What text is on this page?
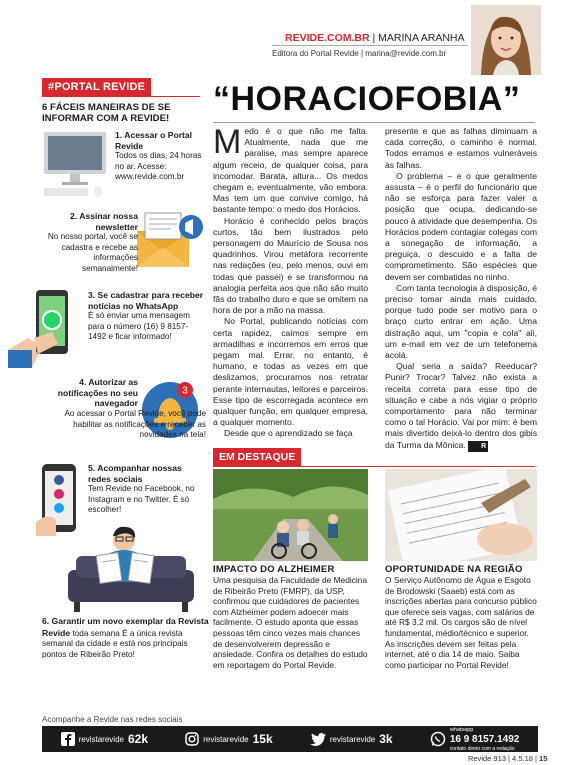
REVIDE.COM.BR | MARINA ARANHA
Editora do Portal Revide | marina@revide.com.br
#PORTAL REVIDE
6 FÁCEIS MANEIRAS DE SE INFORMAR COM A REVIDE!
1. Acessar o Portal Revide
Todos os dias, 24 horas no ar. Acesse: www.revide.com.br
2. Assinar nossa newsletter
No nosso portal, você se cadastra e recebe as informações semanalmente!
3. Se cadastrar para receber notícias no WhatsApp
É só enviar uma mensagem para o número (16) 9 8157-1492 e ficar informado!
3
4. Autorizar as notificações no seu navegador
Ao acessar o Portal Revide, você pode habilitar as notificações e receber as novidades na tela!
5. Acompanhar nossas redes sociais
Tem Revide no Facebook, no Instagram e no Twitter. É só escolher!
6. Garantir um novo exemplar da Revista Revide toda semana É a única revista semanal da cidade e está nos principais pontos de Ribeirão Preto!
“HORACIOFOBIA”

Medo é o que não me falta. Atualmente, nada que me paralise, mas sempre aparece algum receio, de qualquer coisa, para incomodar. Barata, altura... Os medos chegam e, eventualmente, vão embora. Mas tem um que convive comigo, há bastante tempo: o medo dos Horácios.

Horácio é conhecido pelos braços curtos, tão bem ilustrados pelo personagem do Maurício de Sousa nos quadrinhos. Virou metáfora recorrente nas redações (eu, pelo menos, ouvi em todas que passei) e se transformou na analogia perfeita aos que não são muito fãs do trabalho duro e que se omitem na hora de por a mão na massa.

No Portal, publicando notícias com certa rapidez, caímos sempre em armadilhas e incorremos em erros que pegam mal. Errar, no entanto, é humano, e todas as vezes em que deslizamos, procuramos nos retratar perante internautas, leitores e parceiros. Esse tipo de escorregada acontece em qualquer função, em qualquer empresa, a qualquer momento.

Desde que o aprendizado se faça

presente e que as falhas diminuam a cada correção, o caminho é normal. Todos erramos e estamos vulneráveis às falhas.

O problema – e o que geralmente assusta – é o perfil do funcionário que não se esforça para fazer valer a posição que ocupa, dedicando-se pouco à atividade que desempenha. Os Horácios podem contagiar colegas com a sonegação de informação, a preguiça, o descuido e a falta de comprometimento. São espécies que devem ser combatidas no ninho.

Com tanta tecnologia à disposição, é preciso tomar ainda mais cuidado, porque tudo pode ser motivo para o braço curto entrar em ação. Uma distração aqui, um "copia e cola" ali, um e-mail em vez de um telefonema acolá.

Qual seria a saída? Reeducar? Punir? Trocar? Talvez não exista a receita correta para esse tipo de situação e cabe a nós vigiar o próprio comportamento para não terminar como o tal Horácio. Vai por mim: é bem mais divertido deixá-lo dentro dos gibis da Turma da Mônica. R

EM DESTAQUE
IMPACTO DO ALZHEIMER
Uma pesquisa da Faculdade de Medicina de Ribeirão Preto (FMRP), da USP, confirmou que cuidadores de pacientes com Alzheimer podem adoecer mais facilmente. O estudo aponta que essas pessoas têm cinco vezes mais chances de desenvolverem depressão e ansiedade. Confira os detalhes do estudo em reportagem do Portal Revide.
OPORTUNIDADE NA REGIÃO
O Serviço Autônomo de Água e Esgoto de Brodowski (Saaeb) está com as inscrições abertas para concurso público que oferece seis vagas, com salários de até R$ 3,2 mil. Os cargos são de nível fundamental, médio/técnico e superior. As inscrições devem ser feitas pela internet, até o dia 14 de maio. Saiba como participar no Portal Revide!
Acompanhe a Revide nas redes sociais
revistarevide 62k	revistarevide 15k	revistarevide 3k
whatsapp
16 9 8157.1492
contato direto com a redação
Revide 913 | 4.5.18 | 15
